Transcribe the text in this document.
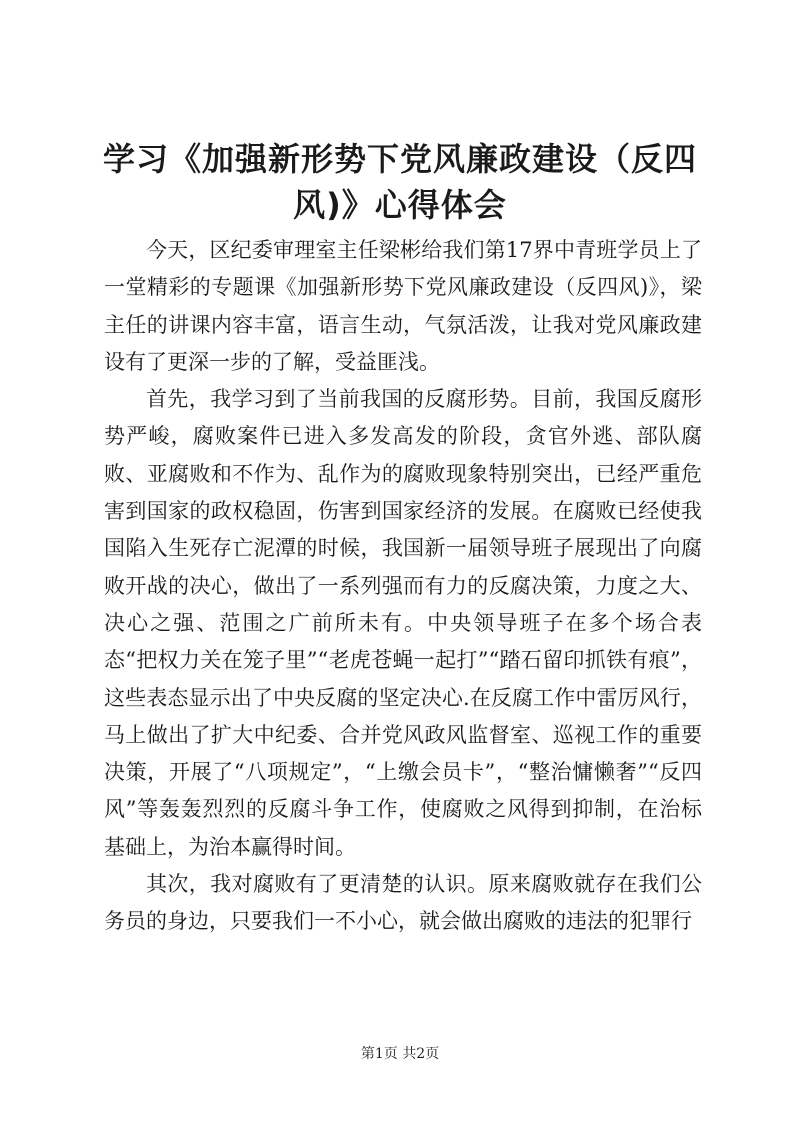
学习《加强新形势下党风廉政建设（反四
风)》心得体会

今天，区纪委审理室主任梁彬给我们第17界中青班学员上了一堂精彩的专题课《加强新形势下党风廉政建设（反四风)》，梁主任的讲课内容丰富，语言生动，气氛活泼，让我对党风廉政建设有了更深一步的了解，受益匪浅。

首先，我学习到了当前我国的反腐形势。目前，我国反腐形势严峻，腐败案件已进入多发高发的阶段，贪官外逃、部队腐败、亚腐败和不作为、乱作为的腐败现象特别突出，已经严重危害到国家的政权稳固，伤害到国家经济的发展。在腐败已经使我国陷入生死存亡泥潭的时候，我国新一届领导班子展现出了向腐败开战的决心，做出了一系列强而有力的反腐决策，力度之大、决心之强、范围之广前所未有。中央领导班子在多个场合表态“把权力关在笼子里”“老虎苍蝇一起打”“踏石留印抓铁有痕”，这些表态显示出了中央反腐的坚定决心.在反腐工作中雷厉风行，马上做出了扩大中纪委、合并党风政风监督室、巡视工作的重要决策，开展了“八项规定”，“上缴会员卡”，“整治慵懒奢”“反四风”等轰轰烈烈的反腐斗争工作，使腐败之风得到抑制，在治标基础上，为治本赢得时间。

其次，我对腐败有了更清楚的认识。原来腐败就存在我们公务员的身边，只要我们一不小心，就会做出腐败的违法的犯罪行

第1页 共2页
